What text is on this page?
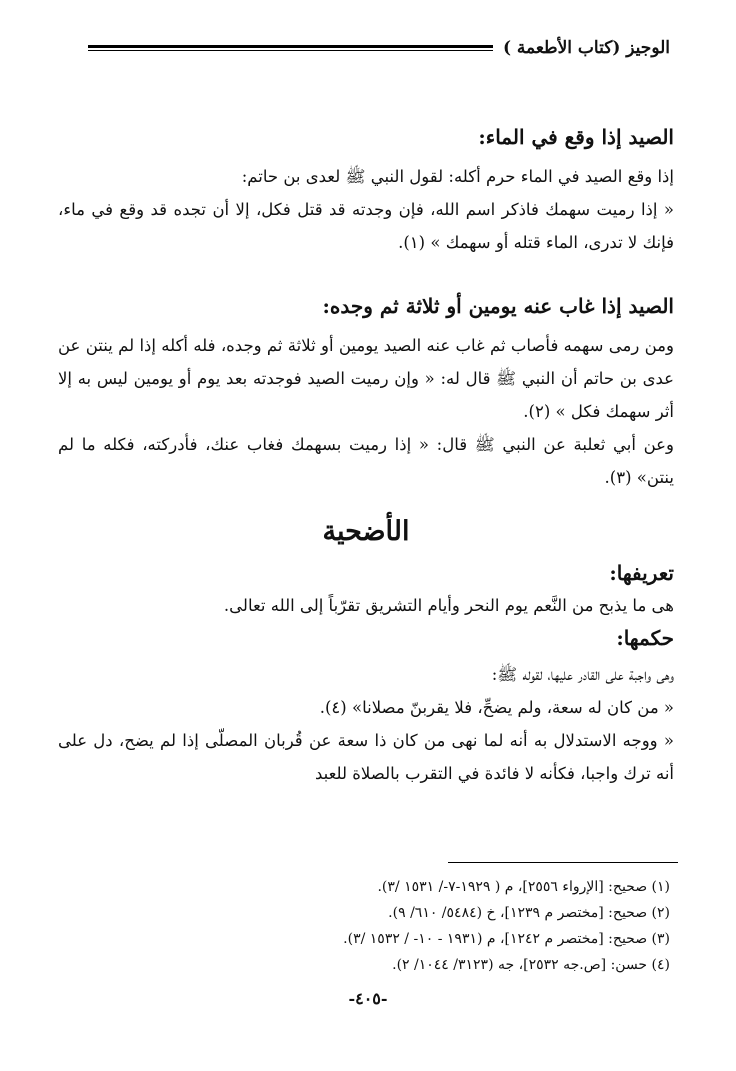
الوجيز (كتاب الأطعمة )
الصيد إذا وقع في الماء:

إذا وقع الصيد في الماء حرم أكله: لقول النبي ﷺ لعدى بن حاتم:

« إذا رميت سهمك فاذكر اسم الله، فإن وجدته قد قتل فكل، إلا أن تجده قد وقع في ماء، فإنك لا تدرى، الماء قتله أو سهمك » (١).

الصيد إذا غاب عنه يومين أو ثلاثة ثم وجده:

ومن رمى سهمه فأصاب ثم غاب عنه الصيد يومين أو ثلاثة ثم وجده، فله أكله إذا لم ينتن عن عدى بن حاتم أن النبي ﷺ قال له: « وإن رميت الصيد فوجدته بعد يوم أو يومين ليس به إلا أثر سهمك فكل » (٢).

وعن أبي ثعلبة عن النبي ﷺ قال: « إذا رميت بسهمك فغاب عنك، فأدركته، فكله ما لم ينتن» (٣).

الأضحية
تعريفها:

هى ما يذبح من النَّعم يوم النحر وأيام التشريق تقرّباً إلى الله تعالى.

حكمها:

وهى واجبة على القادر عليها، لقوله ﷺ:

« من كان له سعة، ولم يضحِّ، فلا يقربنّ مصلانا» (٤).

« ووجه الاستدلال به أنه لما نهى من كان ذا سعة عن قُربان المصلّى إذا لم يضح، دل على أنه ترك واجبا، فكأنه لا فائدة في التقرب بالصلاة للعبد

(١) صحيح: [الإرواء ٢٥٥٦]، م ( ١٩٢٩-٧-/ ١٥٣١ /٣).

(٢) صحيح: [مختصر م ١٢٣٩]، خ (٥٤٨٤/ ٦١٠/ ٩).

(٣) صحيح: [مختصر م ١٢٤٢]، م (١٩٣١ - ١٠- / ١٥٣٢ /٣).

(٤) حسن: [ص.جه ٢٥٣٢]، جه (٣١٢٣/ ١٠٤٤/ ٢).

-٤٠٥-
